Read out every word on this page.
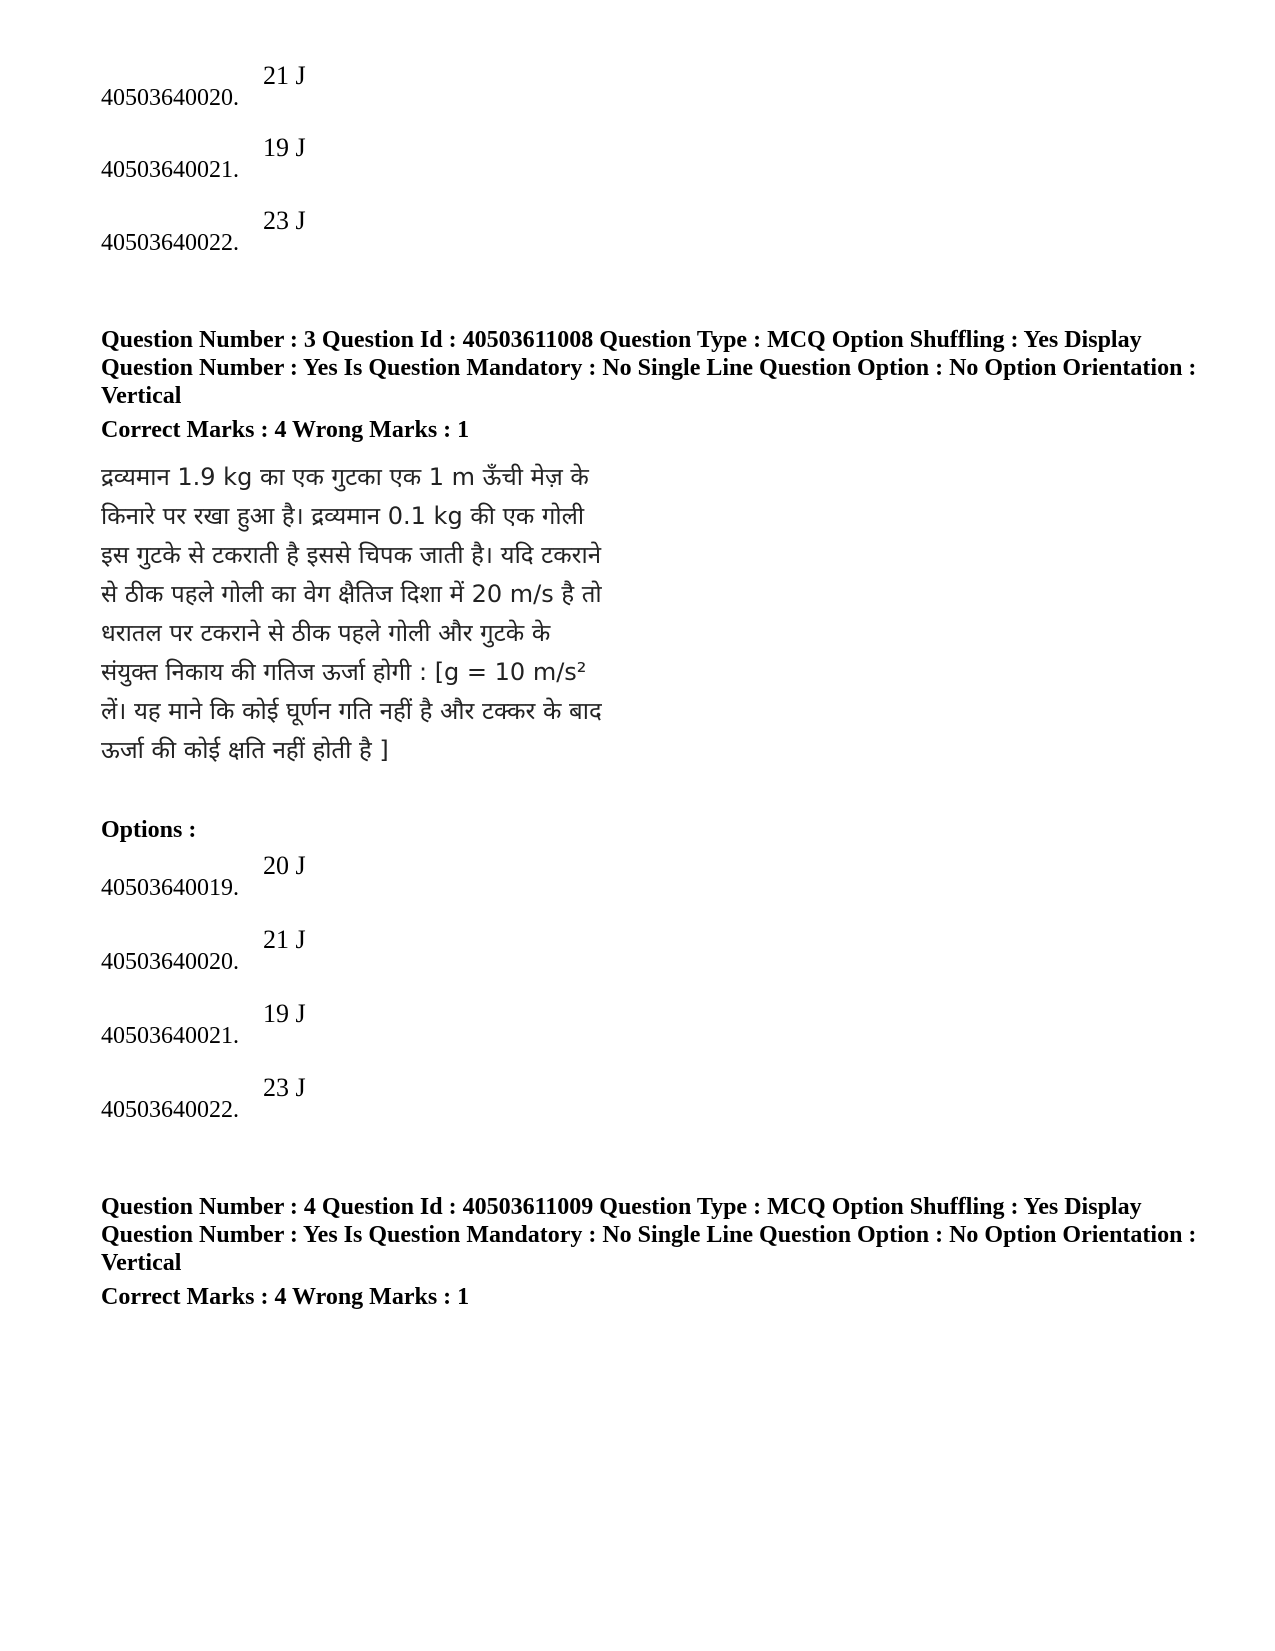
40503640020.
21 J
40503640021.
19 J
40503640022.
23 J
Question Number : 3 Question Id : 40503611008 Question Type : MCQ Option Shuffling : Yes Display Question Number : Yes Is Question Mandatory : No Single Line Question Option : No Option Orientation : Vertical
Correct Marks : 4 Wrong Marks : 1
द्रव्यमान 1.9 kg का एक गुटका एक 1 m ऊँची मेज़ के किनारे पर रखा हुआ है। द्रव्यमान 0.1 kg की एक गोली इस गुटके से टकराती है इससे चिपक जाती है। यदि टकराने से ठीक पहले गोली का वेग क्षैतिज दिशा में 20 m/s है तो धरातल पर टकराने से ठीक पहले गोली और गुटके के संयुक्त निकाय की गतिज ऊर्जा होगी : [g = 10 m/s² लें। यह माने कि कोई घूर्णन गति नहीं है और टक्कर के बाद ऊर्जा की कोई क्षति नहीं होती है ]
Options :
40503640019.
20 J
40503640020.
21 J
40503640021.
19 J
40503640022.
23 J
Question Number : 4 Question Id : 40503611009 Question Type : MCQ Option Shuffling : Yes Display Question Number : Yes Is Question Mandatory : No Single Line Question Option : No Option Orientation : Vertical
Correct Marks : 4 Wrong Marks : 1
